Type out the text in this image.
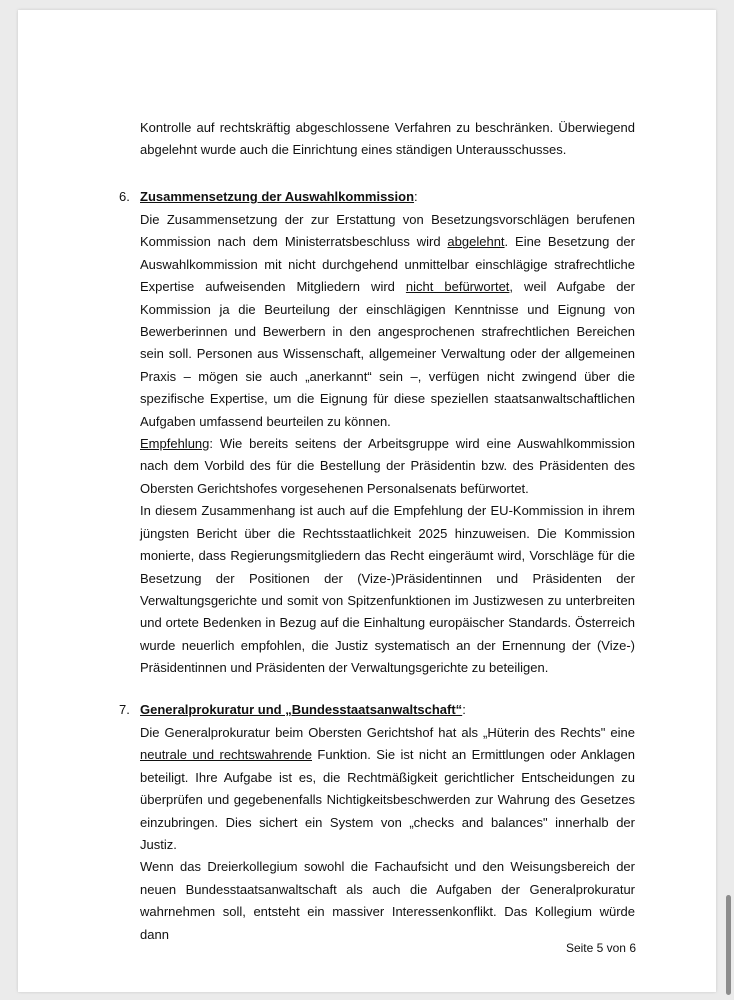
Kontrolle auf rechtskräftig abgeschlossene Verfahren zu beschränken. Überwiegend abgelehnt wurde auch die Einrichtung eines ständigen Unterausschusses.
6. Zusammensetzung der Auswahlkommission:
Die Zusammensetzung der zur Erstattung von Besetzungsvorschlägen berufenen Kommission nach dem Ministerratsbeschluss wird abgelehnt. Eine Besetzung der Auswahlkommission mit nicht durchgehend unmittelbar einschlägige strafrechtliche Expertise aufweisenden Mitgliedern wird nicht befürwortet, weil Aufgabe der Kommission ja die Beurteilung der einschlägigen Kenntnisse und Eignung von Bewerberinnen und Bewerbern in den angesprochenen strafrechtlichen Bereichen sein soll. Personen aus Wissenschaft, allgemeiner Verwaltung oder der allgemeinen Praxis – mögen sie auch „anerkannt“ sein –, verfügen nicht zwingend über die spezifische Expertise, um die Eignung für diese speziellen staatsanwaltschaftlichen Aufgaben umfassend beurteilen zu können.
Empfehlung: Wie bereits seitens der Arbeitsgruppe wird eine Auswahlkommission nach dem Vorbild des für die Bestellung der Präsidentin bzw. des Präsidenten des Obersten Gerichtshofes vorgesehenen Personalsenats befürwortet.
In diesem Zusammenhang ist auch auf die Empfehlung der EU-Kommission in ihrem jüngsten Bericht über die Rechtsstaatlichkeit 2025 hinzuweisen. Die Kommission monierte, dass Regierungsmitgliedern das Recht eingeräumt wird, Vorschläge für die Besetzung der Positionen der (Vize-)Präsidentinnen und Präsidenten der Verwaltungsgerichte und somit von Spitzenfunktionen im Justizwesen zu unterbreiten und ortete Bedenken in Bezug auf die Einhaltung europäischer Standards. Österreich wurde neuerlich empfohlen, die Justiz systematisch an der Ernennung der (Vize-) Präsidentinnen und Präsidenten der Verwaltungsgerichte zu beteiligen.
7. Generalprokuratur und „Bundesstaatsanwaltschaft“:
Die Generalprokuratur beim Obersten Gerichtshof hat als „Hüterin des Rechts" eine neutrale und rechtswahrende Funktion. Sie ist nicht an Ermittlungen oder Anklagen beteiligt. Ihre Aufgabe ist es, die Rechtmäßigkeit gerichtlicher Entscheidungen zu überprüfen und gegebenenfalls Nichtigkeitsbeschwerden zur Wahrung des Gesetzes einzubringen. Dies sichert ein System von „checks and balances" innerhalb der Justiz.
Wenn das Dreierkollegium sowohl die Fachaufsicht und den Weisungsbereich der neuen Bundesstaatsanwaltschaft als auch die Aufgaben der Generalprokuratur wahrnehmen soll, entsteht ein massiver Interessenkonflikt. Das Kollegium würde dann
Seite 5 von 6
